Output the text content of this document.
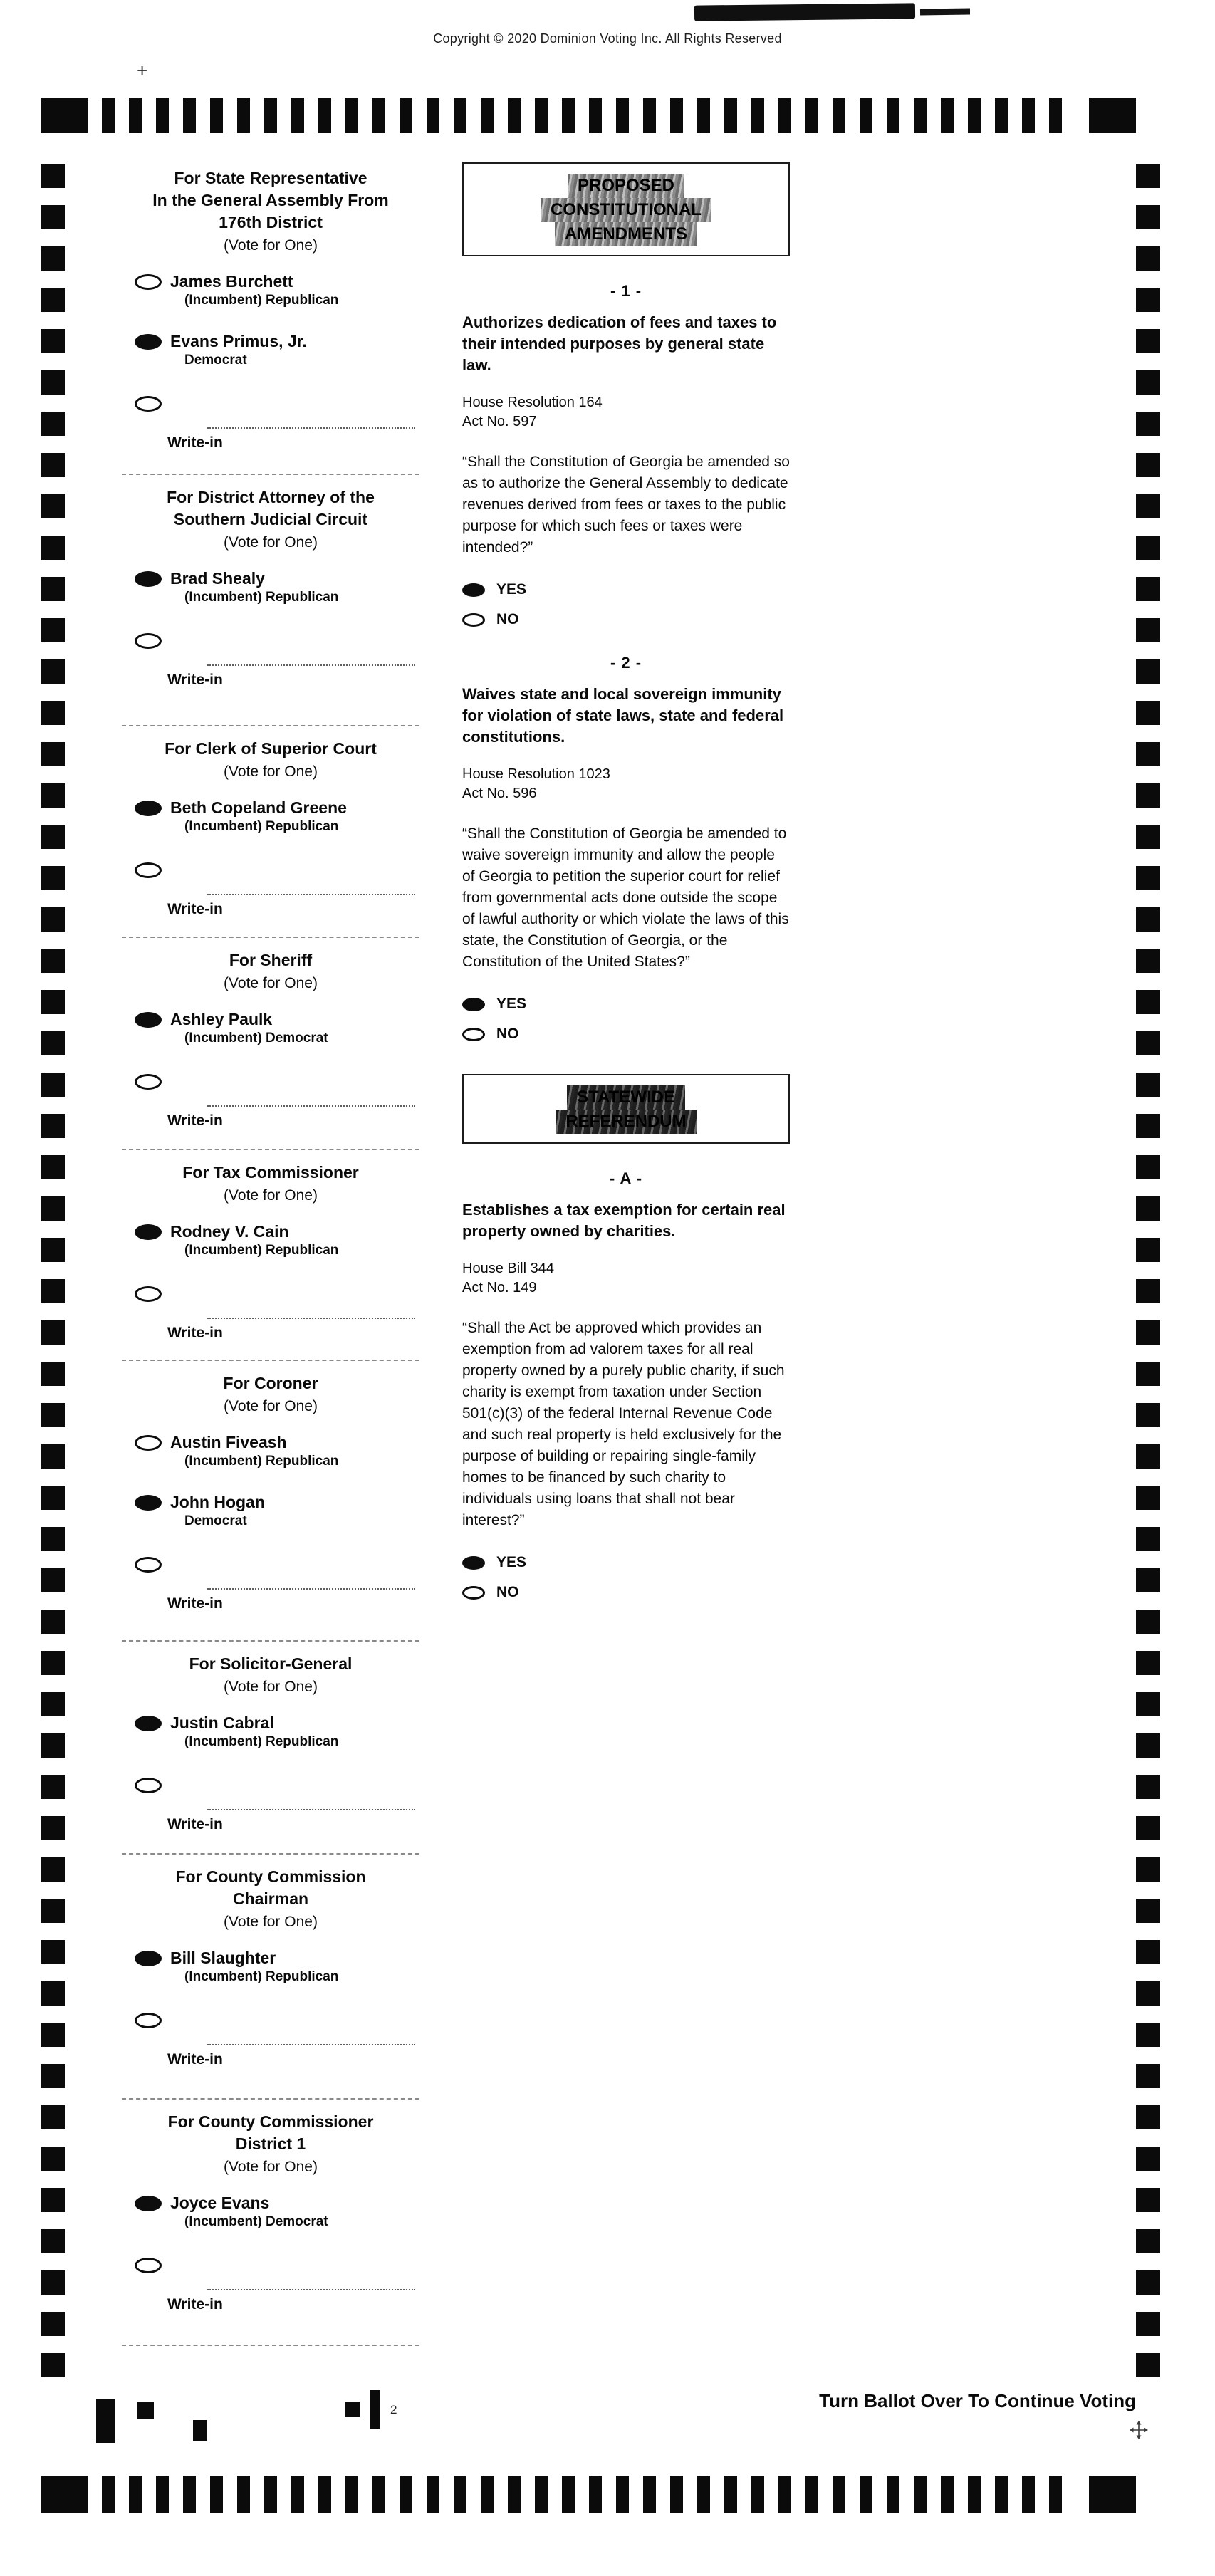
Copyright © 2020 Dominion Voting Inc. All Rights Reserved
+
For State Representative
In the General Assembly From
176th District
(Vote for One)
James Burchett
(Incumbent) Republican
Evans Primus, Jr.
Democrat
Write-in
For District Attorney of the
Southern Judicial Circuit
(Vote for One)
Brad Shealy
(Incumbent) Republican
Write-in
For Clerk of Superior Court
(Vote for One)
Beth Copeland Greene
(Incumbent) Republican
Write-in
For Sheriff
(Vote for One)
Ashley Paulk
(Incumbent) Democrat
Write-in
For Tax Commissioner
(Vote for One)
Rodney V. Cain
(Incumbent) Republican
Write-in
For Coroner
(Vote for One)
Austin Fiveash
(Incumbent) Republican
John Hogan
Democrat
Write-in
For Solicitor-General
(Vote for One)
Justin Cabral
(Incumbent) Republican
Write-in
For County Commission
Chairman
(Vote for One)
Bill Slaughter
(Incumbent) Republican
Write-in
For County Commissioner
District 1
(Vote for One)
Joyce Evans
(Incumbent) Democrat
Write-in
PROPOSED
CONSTITUTIONAL
AMENDMENTS
- 1 -
Authorizes dedication of fees and taxes to their intended purposes by general state law.
House Resolution 164
Act No. 597
“Shall the Constitution of Georgia be amended so as to authorize the General Assembly to dedicate revenues derived from fees or taxes to the public purpose for which such fees or taxes were intended?”
YES
NO
- 2 -
Waives state and local sovereign immunity for violation of state laws, state and federal constitutions.
House Resolution 1023
Act No. 596
“Shall the Constitution of Georgia be amended to waive sovereign immunity and allow the people of Georgia to petition the superior court for relief from governmental acts done outside the scope of lawful authority or which violate the laws of this state, the Constitution of Georgia, or the Constitution of the United States?”
YES
NO
STATEWIDE
REFERENDUM
- A -
Establishes a tax exemption for certain real property owned by charities.
House Bill 344
Act No. 149
“Shall the Act be approved which provides an exemption from ad valorem taxes for all real property owned by a purely public charity, if such charity is exempt from taxation under Section 501(c)(3) of the federal Internal Revenue Code and such real property is held exclusively for the purpose of building or repairing single-family homes to be financed by such charity to individuals using loans that shall not bear interest?”
YES
NO
Turn Ballot Over To Continue Voting
2
